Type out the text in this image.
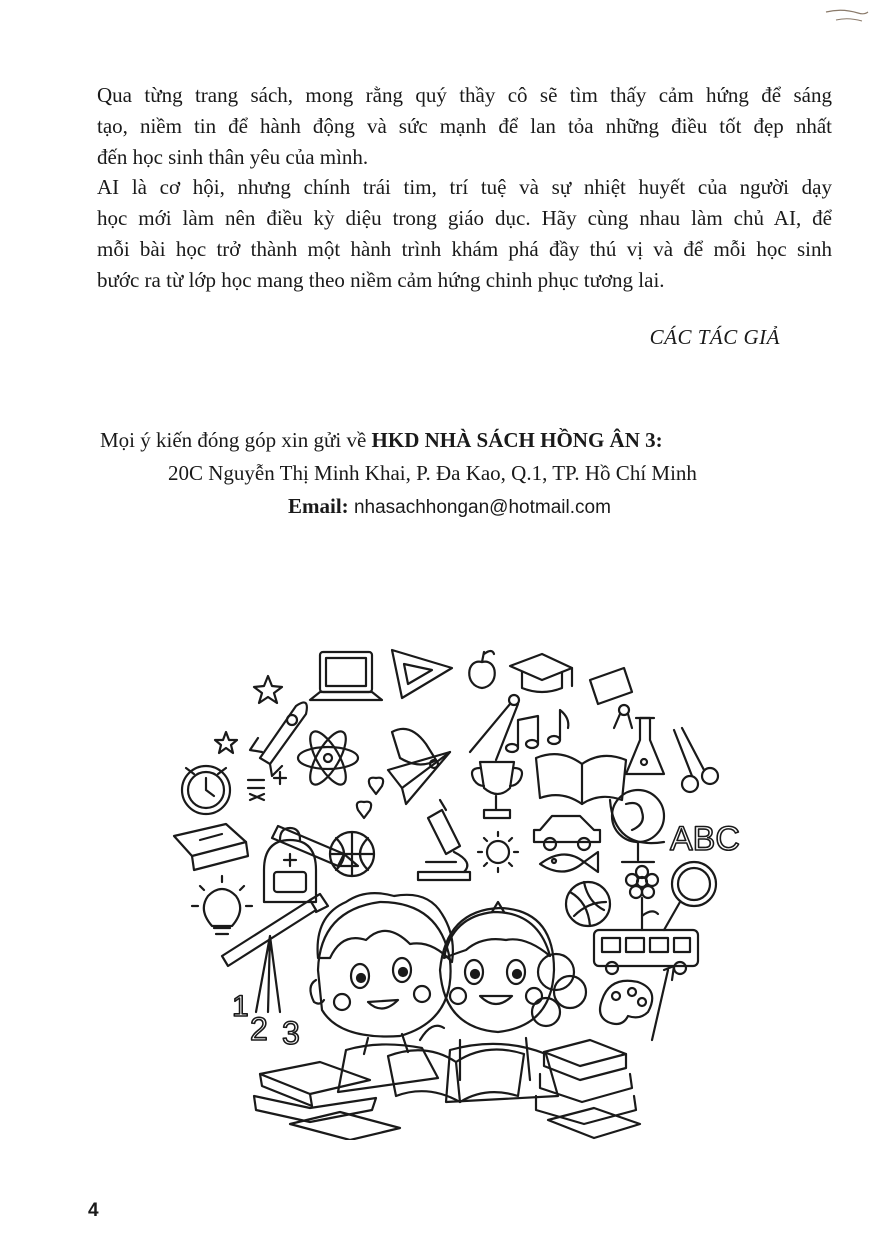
Qua từng trang sách, mong rằng quý thầy cô sẽ tìm thấy cảm hứng để sáng
tạo, niềm tin để hành động và sức mạnh để lan tỏa những điều tốt đẹp nhất
đến học sinh thân yêu của mình.

AI là cơ hội, nhưng chính trái tim, trí tuệ và sự nhiệt huyết của người dạy
học mới làm nên điều kỳ diệu trong giáo dục. Hãy cùng nhau làm chủ AI, để
mỗi bài học trở thành một hành trình khám phá đầy thú vị và để mỗi học sinh
bước ra từ lớp học mang theo niềm cảm hứng chinh phục tương lai.

CÁC TÁC GIẢ
Mọi ý kiến đóng góp xin gửi về HKD NHÀ SÁCH HỒNG ÂN 3:
20C Nguyễn Thị Minh Khai, P. Đa Kao, Q.1, TP. Hồ Chí Minh
Email: nhasachhongan@hotmail.com
ABC
1
2 3
4
